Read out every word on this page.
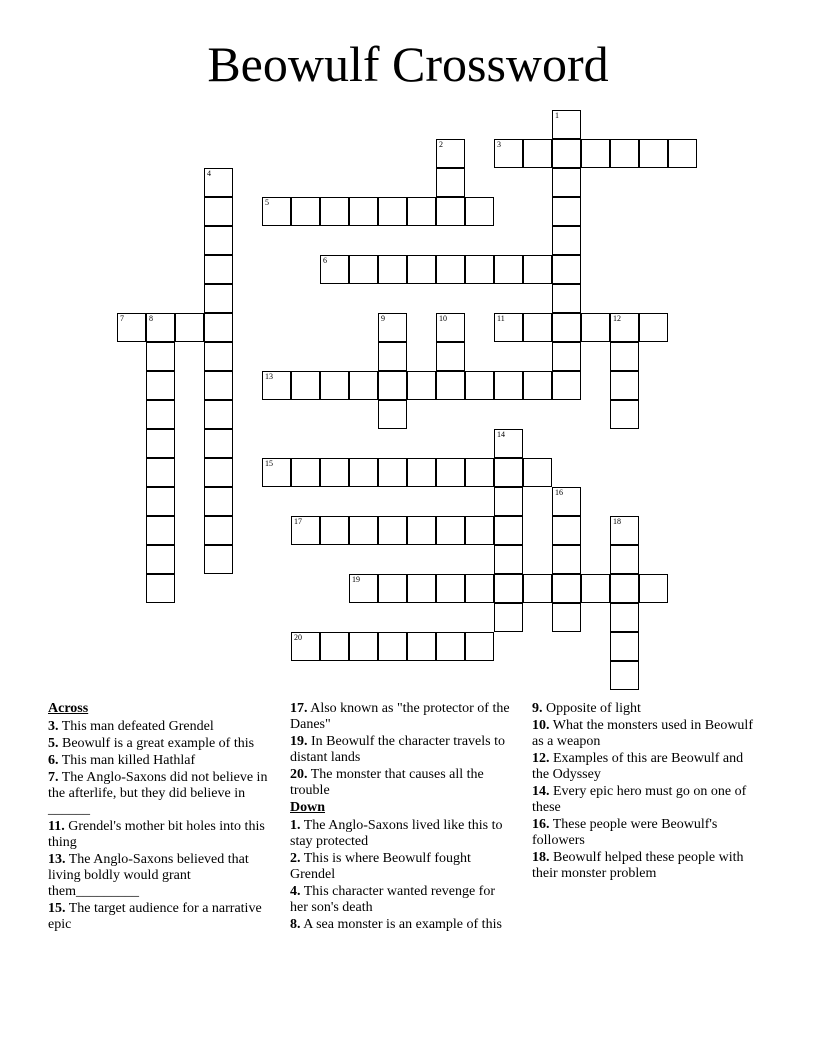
Beowulf Crossword
1
2	3
4
5
6
7	8	9	10	11	12
13
14
15
16
17	18
19
20
Across
3. This man defeated Grendel
5. Beowulf is a great example of this
6. This man killed Hathlaf
7. The Anglo-Saxons did not believe in the afterlife, but they did believe in ______
11. Grendel's mother bit holes into this thing
13. The Anglo-Saxons believed that living boldly would grant them_________
15. The target audience for a narrative epic
17. Also known as "the protector of the Danes"
19. In Beowulf the character travels to distant lands
20. The monster that causes all the trouble
Down
1. The Anglo-Saxons lived like this to stay protected
2. This is where Beowulf fought Grendel
4. This character wanted revenge for her son's death
8. A sea monster is an example of this
9. Opposite of light
10. What the monsters used in Beowulf as a weapon
12. Examples of this are Beowulf and the Odyssey
14. Every epic hero must go on one of these
16. These people were Beowulf's followers
18. Beowulf helped these people with their monster problem
